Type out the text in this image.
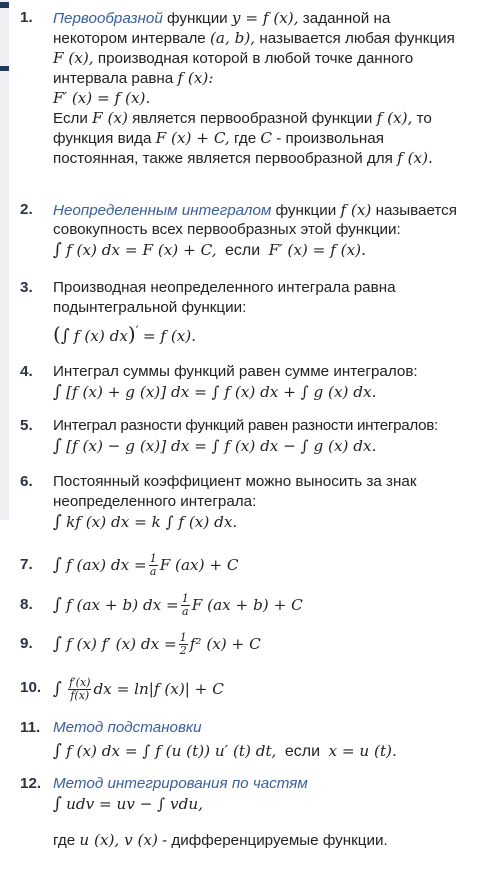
1.	Первообразной функции y = f (x), заданной на
некотором интервале (a, b), называется любая функция
F (x), производная которой в любой точке данного
интервала равна f (x):
F′ (x) = f (x).
Если F (x) является первообразной функции f (x), то
функция вида F (x) + C, где C - произвольная
постоянная, также является первообразной для f (x).
2.	Неопределенным интегралом функции f (x) называется
совокупность всех первообразных этой функции:
∫ f (x) dx = F (x) + C, если F′ (x) = f (x).
3.	Производная неопределенного интеграла равна
подынтегральной функции:
(∫ f (x) dx)′ = f (x).
4.	Интеграл суммы функций равен сумме интегралов:
∫ [f (x) + g (x)] dx = ∫ f (x) dx + ∫ g (x) dx.
5.	Интеграл разности функций равен разности интегралов:
∫ [f (x) − g (x)] dx = ∫ f (x) dx − ∫ g (x) dx.
6.	Постоянный коэффициент можно выносить за знак
неопределенного интеграла:
∫ kf (x) dx = k ∫ f (x) dx.
7.	∫ f (ax) dx = $\frac{1}{a}$ F (ax) + C
8.	∫ f (ax + b) dx = $\frac{1}{a}$ F (ax + b) + C
9.	∫ f (x) f′ (x) dx = $\frac{1}{2} f^2$ (x) + C
10. ∫ $\frac{f'(x)}{f(x)}$ dx = ln|f (x)| + C
11. Метод подстановки
∫ f (x) dx = ∫ f (u (t)) u′ (t) dt, если x = u (t).
12. Метод интегрирования по частям
∫ udv = uv − ∫ vdu,
где u (x), v (x) - дифференцируемые функции.
